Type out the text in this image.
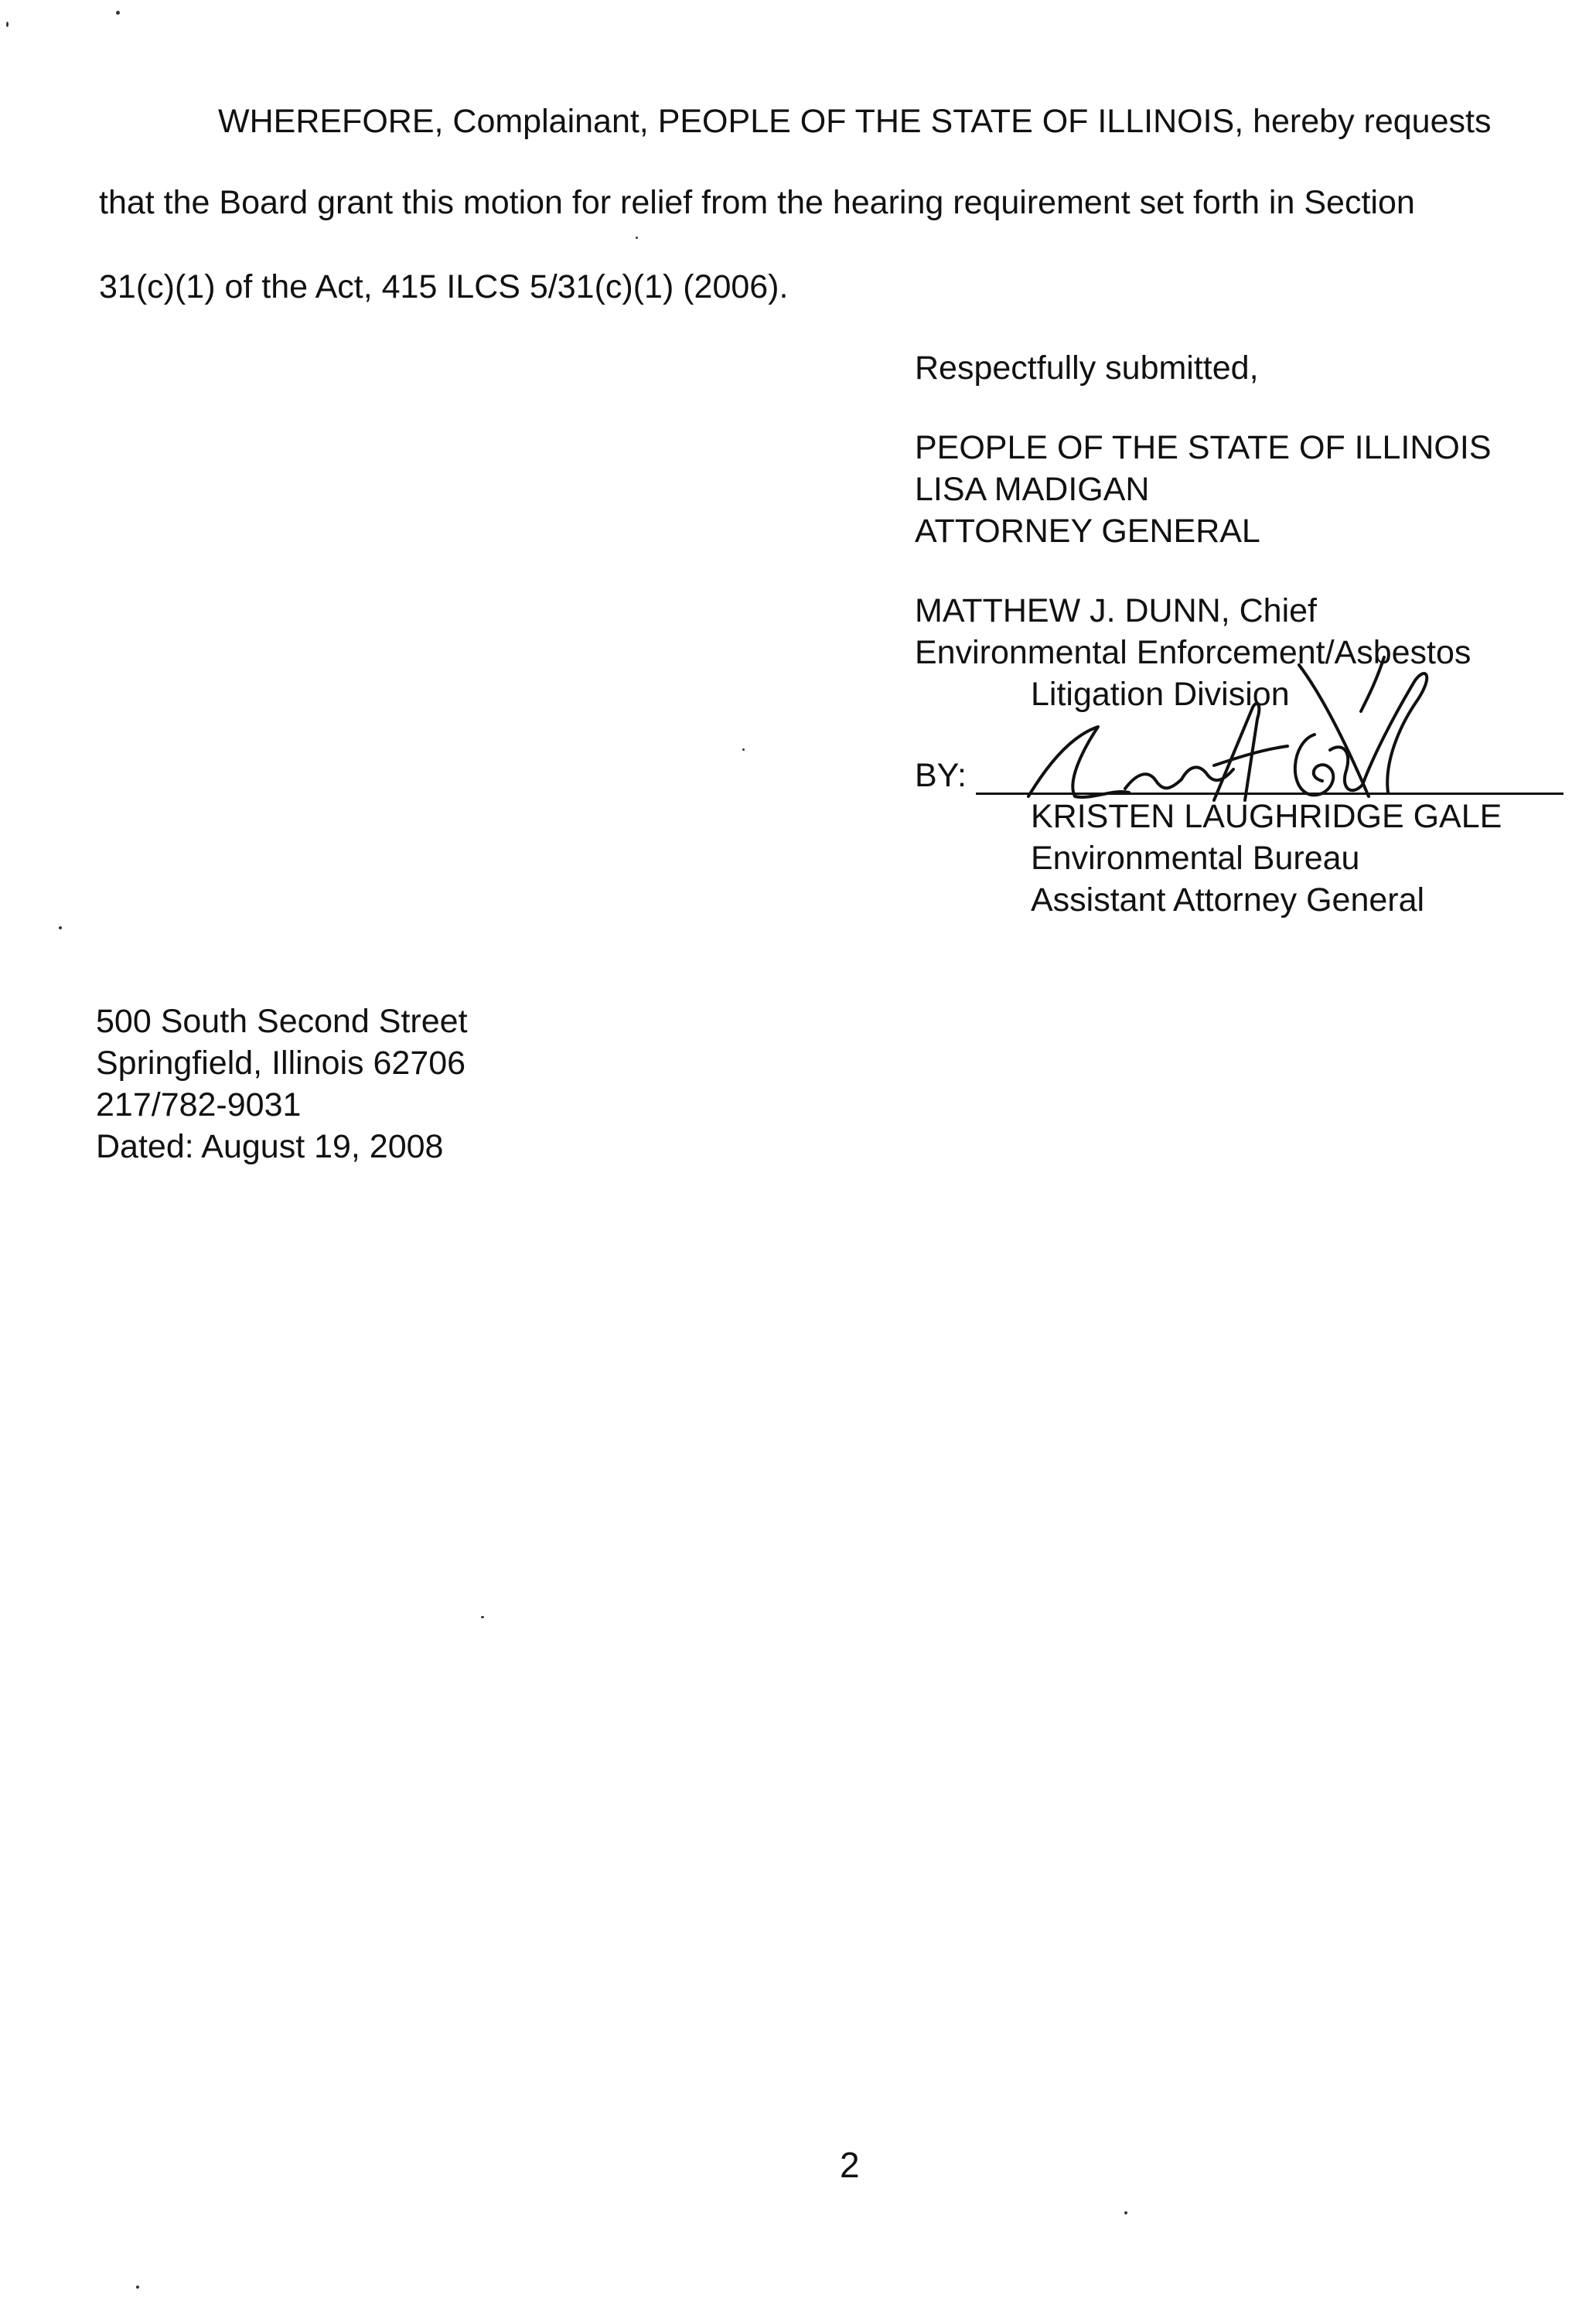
WHEREFORE, Complainant, PEOPLE OF THE STATE OF ILLINOIS, hereby requests
that the Board grant this motion for relief from the hearing requirement set forth in Section
31(c)(1) of the Act, 415 ILCS 5/31(c)(1) (2006).
Respectfully submitted,
PEOPLE OF THE STATE OF ILLINOIS
LISA MADIGAN
ATTORNEY GENERAL
MATTHEW J. DUNN, Chief
Environmental Enforcement/Asbestos
Litigation Division
BY:
KRISTEN LAUGHRIDGE GALE
Environmental Bureau
Assistant Attorney General
500 South Second Street
Springfield, Illinois 62706
217/782-9031
Dated: August 19, 2008
2
